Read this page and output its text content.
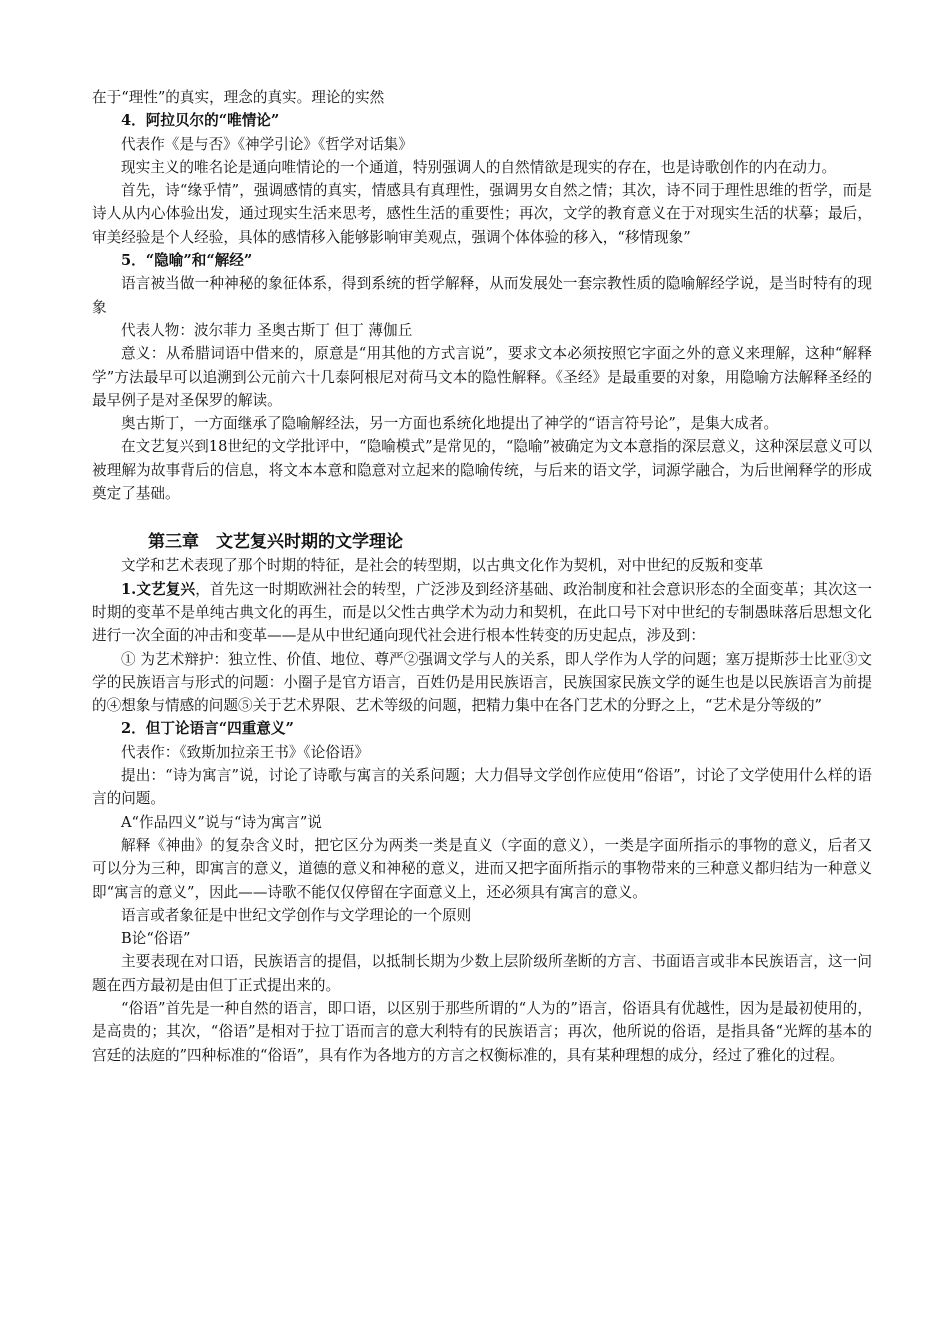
在于“理性”的真实，理念的真实。理论的实然

4．阿拉贝尔的“唯情论”

代表作《是与否》《神学引论》《哲学对话集》

现实主义的唯名论是通向唯情论的一个通道，特别强调人的自然情欲是现实的存在，也是诗歌创作的内在动力。

首先，诗“缘乎情”，强调感情的真实，情感具有真理性，强调男女自然之情；其次，诗不同于理性思维的哲学，而是诗人从内心体验出发，通过现实生活来思考，感性生活的重要性；再次，文学的教育意义在于对现实生活的状摹；最后，审美经验是个人经验，具体的感情移入能够影响审美观点，强调个体体验的移入，“移情现象”

5．“隐喻”和“解经”

语言被当做一种神秘的象征体系，得到系统的哲学解释，从而发展处一套宗教性质的隐喻解经学说，是当时特有的现象

代表人物：波尔菲力 圣奥古斯丁 但丁 薄伽丘

意义：从希腊词语中借来的，原意是“用其他的方式言说”，要求文本必须按照它字面之外的意义来理解，这种“解释学”方法最早可以追溯到公元前六十几泰阿根尼对荷马文本的隐性解释。《圣经》是最重要的对象，用隐喻方法解释圣经的最早例子是对圣保罗的解读。

奥古斯丁，一方面继承了隐喻解经法，另一方面也系统化地提出了神学的“语言符号论”，是集大成者。

在文艺复兴到18世纪的文学批评中，“隐喻模式”是常见的，“隐喻”被确定为文本意指的深层意义，这种深层意义可以被理解为故事背后的信息，将文本本意和隐意对立起来的隐喻传统，与后来的语文学，词源学融合，为后世阐释学的形成奠定了基础。

第三章　文艺复兴时期的文学理论

文学和艺术表现了那个时期的特征，是社会的转型期，以古典文化作为契机，对中世纪的反叛和变革

1.文艺复兴，首先这一时期欧洲社会的转型，广泛涉及到经济基础、政治制度和社会意识形态的全面变革；其次这一时期的变革不是单纯古典文化的再生，而是以父性古典学术为动力和契机，在此口号下对中世纪的专制愚昧落后思想文化进行一次全面的冲击和变革——是从中世纪通向现代社会进行根本性转变的历史起点，涉及到：

① 为艺术辩护：独立性、价值、地位、尊严②强调文学与人的关系，即人学作为人学的问题；塞万提斯莎士比亚③文学的民族语言与形式的问题：小圈子是官方语言，百姓仍是用民族语言，民族国家民族文学的诞生也是以民族语言为前提的④想象与情感的问题⑤关于艺术界限、艺术等级的问题，把精力集中在各门艺术的分野之上，“艺术是分等级的”

2．但丁论语言“四重意义”

代表作：《致斯加拉亲王书》《论俗语》

提出：“诗为寓言”说，讨论了诗歌与寓言的关系问题；大力倡导文学创作应使用“俗语”，讨论了文学使用什么样的语言的问题。

A“作品四义”说与“诗为寓言”说

解释《神曲》的复杂含义时，把它区分为两类一类是直义（字面的意义），一类是字面所指示的事物的意义，后者又可以分为三种，即寓言的意义，道德的意义和神秘的意义，进而又把字面所指示的事物带来的三种意义都归结为一种意义即“寓言的意义”，因此——诗歌不能仅仅停留在字面意义上，还必须具有寓言的意义。

语言或者象征是中世纪文学创作与文学理论的一个原则

B论“俗语”

主要表现在对口语，民族语言的提倡，以抵制长期为少数上层阶级所垄断的方言、书面语言或非本民族语言，这一问题在西方最初是由但丁正式提出来的。

“俗语”首先是一种自然的语言，即口语，以区别于那些所谓的“人为的”语言，俗语具有优越性，因为是最初使用的，是高贵的；其次，“俗语”是相对于拉丁语而言的意大利特有的民族语言；再次，他所说的俗语，是指具备“光辉的基本的宫廷的法庭的”四种标准的“俗语”，具有作为各地方的方言之权衡标准的，具有某种理想的成分，经过了雅化的过程。
